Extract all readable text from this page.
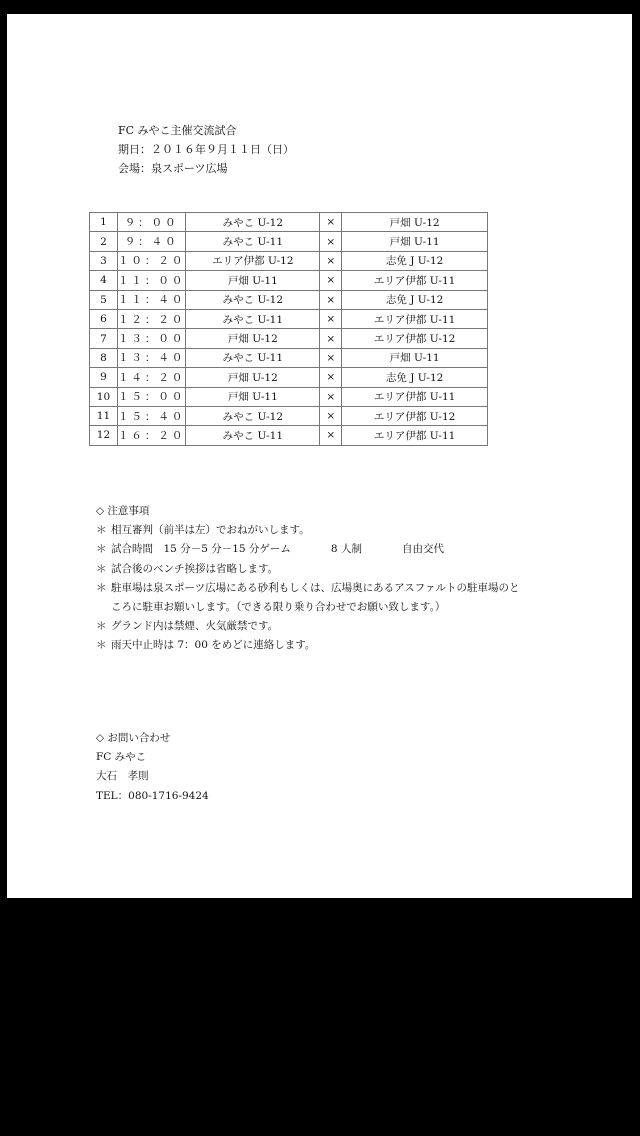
FC みやこ主催交流試合
期日：２０１６年９月１１日（日）
会場：泉スポーツ広場
1	９：００	みやこ U-12	×	戸畑 U-12
2	９：４０	みやこ U-11	×	戸畑 U-11
3	１０：２０	エリア伊都 U-12	×	志免 J U-12
4	１１：００	戸畑 U-11	×	エリア伊都 U-11
5	１１：４０	みやこ U-12	×	志免 J U-12
6	１２：２０	みやこ U-11	×	エリア伊都 U-11
7	１３：００	戸畑 U-12	×	エリア伊都 U-12
8	１３：４０	みやこ U-11	×	戸畑 U-11
9	１４：２０	戸畑 U-12	×	志免 J U-12
10	１５：００	戸畑 U-11	×	エリア伊都 U-11
11	１５：４０	みやこ U-12	×	エリア伊都 U-12
12	１６：２０	みやこ U-11	×	エリア伊都 U-11
◇ 注意事項
＊ 相互審判（前半は左）でおねがいします。
＊ 試合時間　15 分－5 分－15 分ゲーム	8 人制	自由交代
＊ 試合後のベンチ挨拶は省略します。
＊ 駐車場は泉スポーツ広場にある砂利もしくは、広場奥にあるアスファルトの駐車場のと
ころに駐車お願いします。（できる限り乗り合わせでお願い致します。）
＊ グランド内は禁煙、火気厳禁です。
＊ 雨天中止時は 7：00 をめどに連絡します。
◇ お問い合わせ
FC みやこ
大石　孝則
TEL：080-1716-9424
